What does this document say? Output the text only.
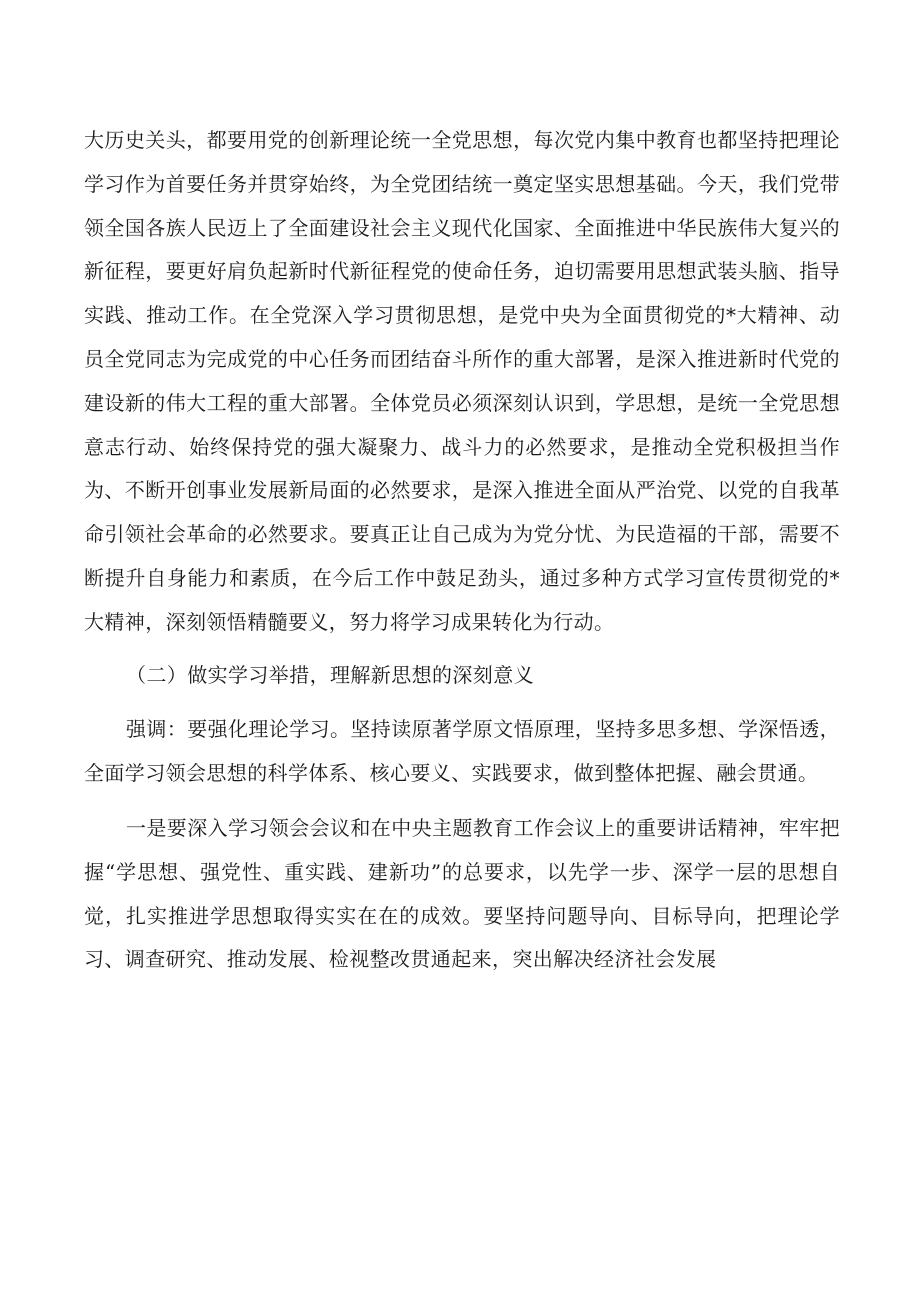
大历史关头，都要用党的创新理论统一全党思想，每次党内集中教育也都坚持把理论学习作为首要任务并贯穿始终，为全党团结统一奠定坚实思想基础。今天，我们党带领全国各族人民迈上了全面建设社会主义现代化国家、全面推进中华民族伟大复兴的新征程，要更好肩负起新时代新征程党的使命任务，迫切需要用思想武装头脑、指导实践、推动工作。在全党深入学习贯彻思想，是党中央为全面贯彻党的*大精神、动员全党同志为完成党的中心任务而团结奋斗所作的重大部署，是深入推进新时代党的建设新的伟大工程的重大部署。全体党员必须深刻认识到，学思想，是统一全党思想意志行动、始终保持党的强大凝聚力、战斗力的必然要求，是推动全党积极担当作为、不断开创事业发展新局面的必然要求，是深入推进全面从严治党、以党的自我革命引领社会革命的必然要求。要真正让自己成为为党分忧、为民造福的干部，需要不断提升自身能力和素质，在今后工作中鼓足劲头，通过多种方式学习宣传贯彻党的*大精神，深刻领悟精髓要义，努力将学习成果转化为行动。

（二）做实学习举措，理解新思想的深刻意义

强调：要强化理论学习。坚持读原著学原文悟原理，坚持多思多想、学深悟透，全面学习领会思想的科学体系、核心要义、实践要求，做到整体把握、融会贯通。

一是要深入学习领会会议和在中央主题教育工作会议上的重要讲话精神，牢牢把握“学思想、强党性、重实践、建新功”的总要求，以先学一步、深学一层的思想自觉，扎实推进学思想取得实实在在的成效。要坚持问题导向、目标导向，把理论学习、调查研究、推动发展、检视整改贯通起来，突出解决经济社会发展
